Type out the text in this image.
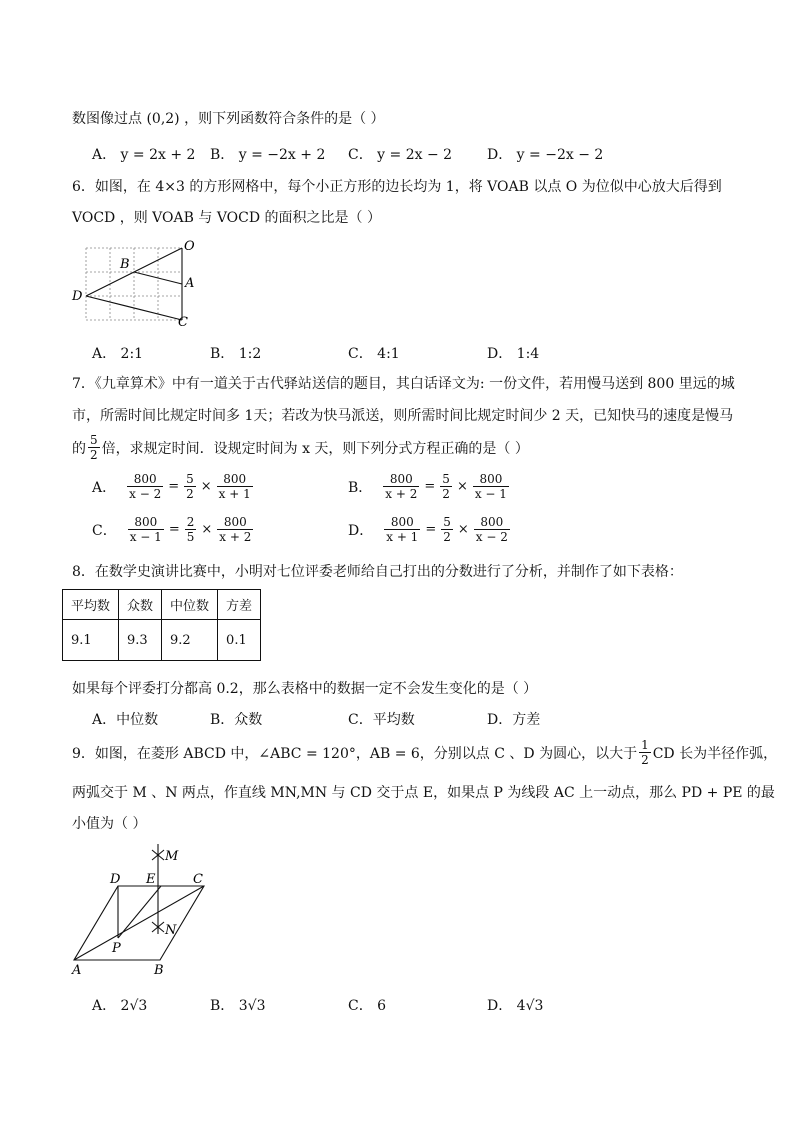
数图像过点 (0,2) ，则下列函数符合条件的是（ ）
A． y = 2x + 2 B． y = −2x + 2 C． y = 2x − 2 D． y = −2x − 2
6．如图，在 4×3 的方形网格中，每个小正方形的边长均为 1，将 VOAB 以点 O 为位似中心放大后得到
VOCD ，则 VOAB 与 VOCD 的面积之比是（ ）
O
B
A
D
C
A． 2:1	B． 1:2	C． 4:1	D． 1:4
7．《九章算术》中有一道关于古代驿站送信的题目，其白话译文为: 一份文件，若用慢马送到 800 里远的城
市，所需时间比规定时间多 1天；若改为快马派送，则所需时间比规定时间少 2 天，已知快马的速度是慢马
的 $\frac{5}{2}$ 倍，求规定时间．设规定时间为 x 天，则下列分式方程正确的是（ ）
A． $\frac{800}{x - 2} = \frac{5}{2} \times \frac{800}{x + 1}$	B． $\frac{800}{x + 2} = \frac{5}{2} \times \frac{800}{x - 1}$
C． $\frac{800}{x - 1} = \frac{2}{5} \times \frac{800}{x + 2}$	D． $\frac{800}{x + 1} = \frac{5}{2} \times \frac{800}{x - 2}$
8．在数学史演讲比赛中，小明对七位评委老师给自己打出的分数进行了分析，并制作了如下表格：
平均数	众数	中位数	方差
9.1	9.3	9.2	0.1
如果每个评委打分都高 0.2，那么表格中的数据一定不会发生变化的是（ ）
A．中位数	B．众数	C．平均数	D．方差
9．如图，在菱形 ABCD 中，∠ABC = 120°，AB = 6，分别以点 C 、D 为圆心，以大于 $\frac{1}{2}$ CD 长为半径作弧，
两弧交于 M 、N 两点，作直线 MN,MN 与 CD 交于点 E，如果点 P 为线段 AC 上一动点，那么 PD + PE 的最
小值为（ ）
M
D E	C
N
P
A	B
A． 2√3	B． 3√3	C． 6	D． 4√3
